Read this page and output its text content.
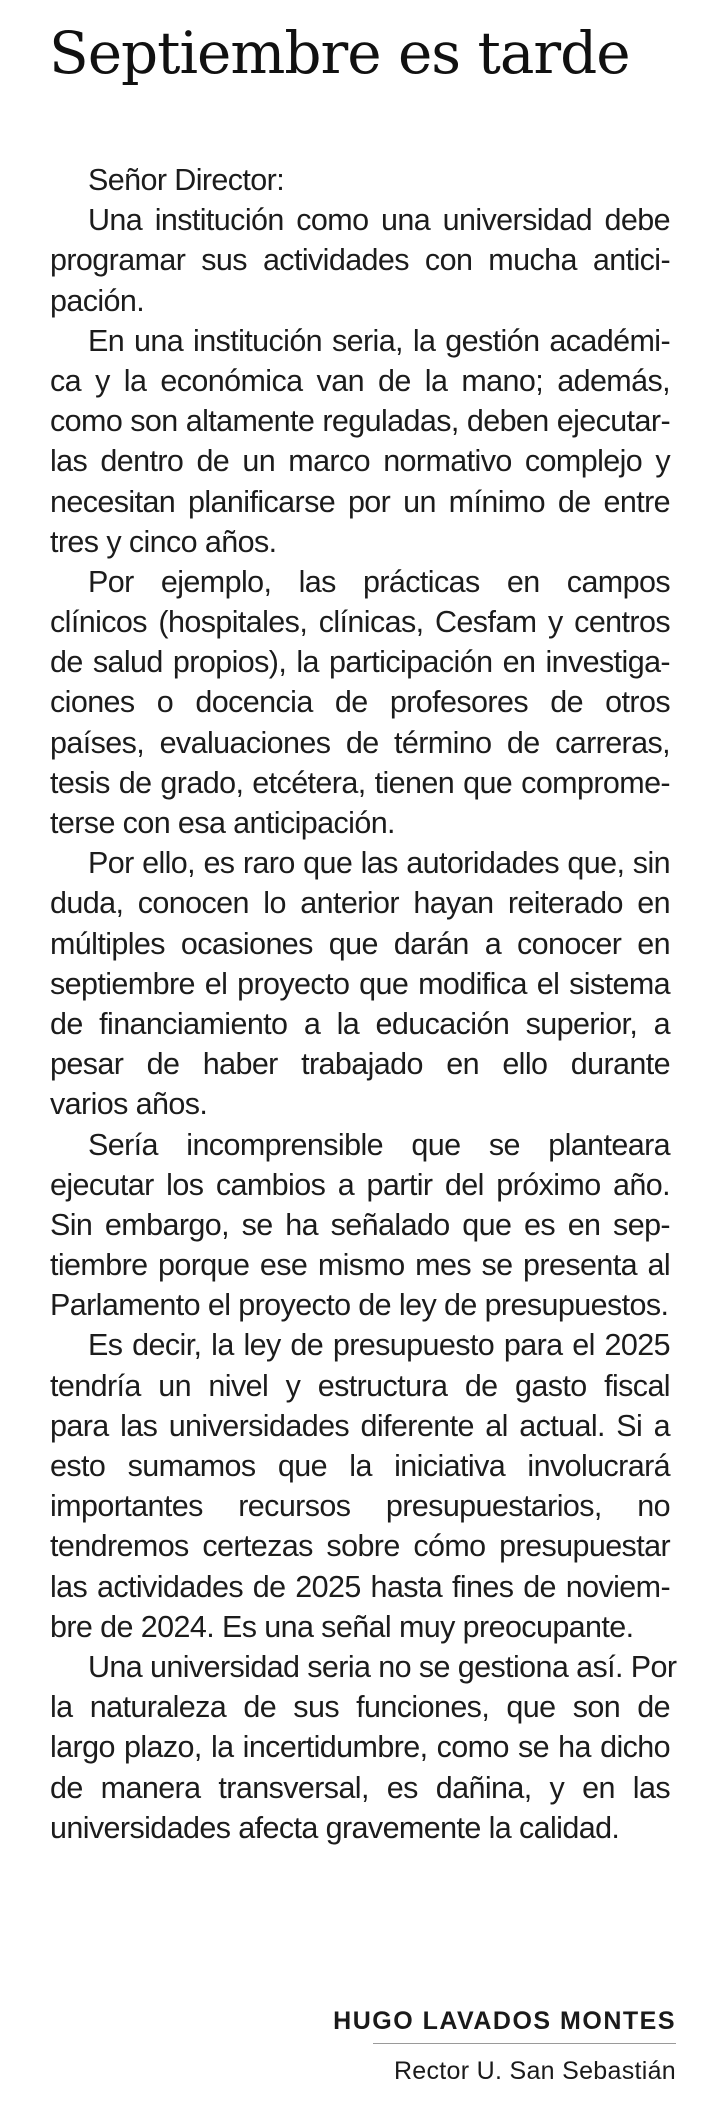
Septiembre es tarde
Señor Director:
Una institución como una universidad debe
programar sus actividades con mucha antici-
pación.
En una institución seria, la gestión académi-
ca y la económica van de la mano; además,
como son altamente reguladas, deben ejecutar-
las dentro de un marco normativo complejo y
necesitan planificarse por un mínimo de entre
tres y cinco años.
Por ejemplo, las prácticas en campos
clínicos (hospitales, clínicas, Cesfam y centros
de salud propios), la participación en investiga-
ciones o docencia de profesores de otros
países, evaluaciones de término de carreras,
tesis de grado, etcétera, tienen que comprome-
terse con esa anticipación.
Por ello, es raro que las autoridades que, sin
duda, conocen lo anterior hayan reiterado en
múltiples ocasiones que darán a conocer en
septiembre el proyecto que modifica el sistema
de financiamiento a la educación superior, a
pesar de haber trabajado en ello durante
varios años.
Sería incomprensible que se planteara
ejecutar los cambios a partir del próximo año.
Sin embargo, se ha señalado que es en sep-
tiembre porque ese mismo mes se presenta al
Parlamento el proyecto de ley de presupuestos.
Es decir, la ley de presupuesto para el 2025
tendría un nivel y estructura de gasto fiscal
para las universidades diferente al actual. Si a
esto sumamos que la iniciativa involucrará
importantes recursos presupuestarios, no
tendremos certezas sobre cómo presupuestar
las actividades de 2025 hasta fines de noviem-
bre de 2024. Es una señal muy preocupante.
Una universidad seria no se gestiona así. Por
la naturaleza de sus funciones, que son de
largo plazo, la incertidumbre, como se ha dicho
de manera transversal, es dañina, y en las
universidades afecta gravemente la calidad.
HUGO LAVADOS MONTES
Rector U. San Sebastián
